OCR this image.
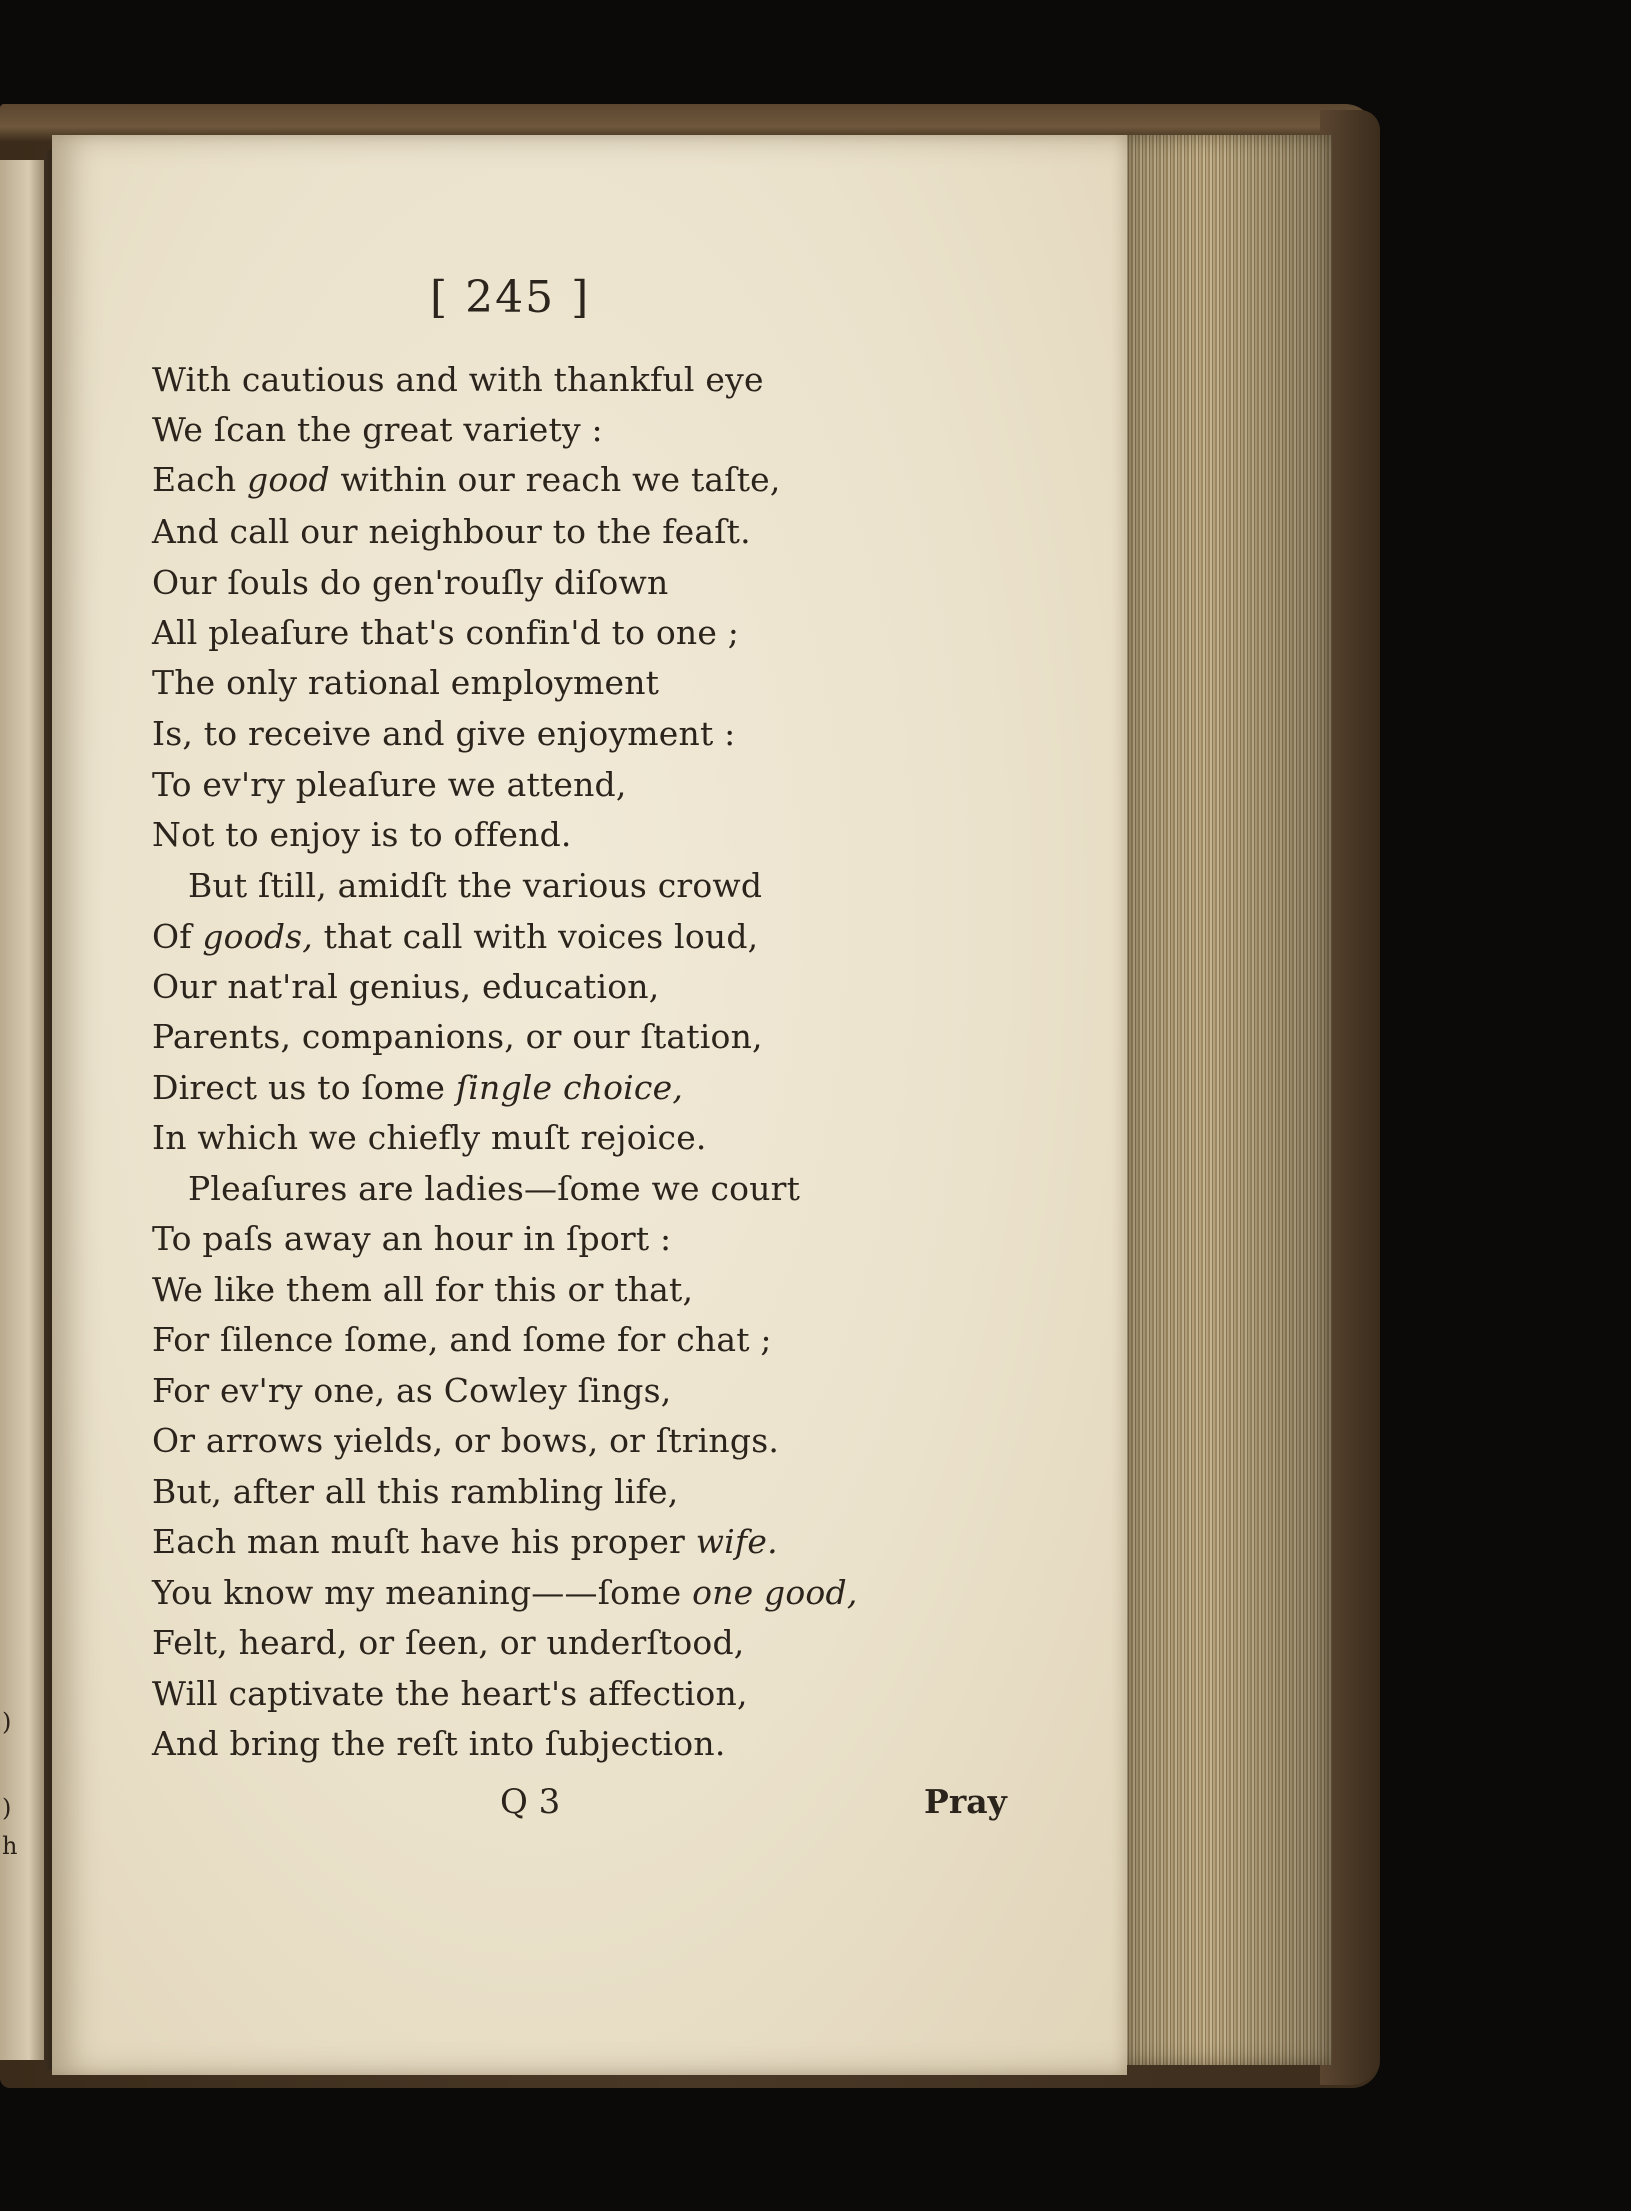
)
)
h
[ 245 ]
With cautious and with thankful eye
We ſcan the great variety :
Each good within our reach we taſte,
And call our neighbour to the feaſt.
Our ſouls do gen'rouſly diſown
All pleaſure that's confin'd to one ;
The only rational employment
Is, to receive and give enjoyment :
To ev'ry pleaſure we attend,
Not to enjoy is to offend.
But ſtill, amidſt the various crowd
Of goods, that call with voices loud,
Our nat'ral genius, education,
Parents, companions, or our ſtation,
Direct us to ſome ſingle choice,
In which we chiefly muſt rejoice.
Pleaſures are ladies—ſome we court
To paſs away an hour in ſport :
We like them all for this or that,
For ſilence ſome, and ſome for chat ;
For ev'ry one, as Cowley ſings,
Or arrows yields, or bows, or ſtrings.
But, after all this rambling life,
Each man muſt have his proper wife.
You know my meaning——ſome one good,
Felt, heard, or ſeen, or underſtood,
Will captivate the heart's affection,
And bring the reſt into ſubjection.
Q 3	Pray
